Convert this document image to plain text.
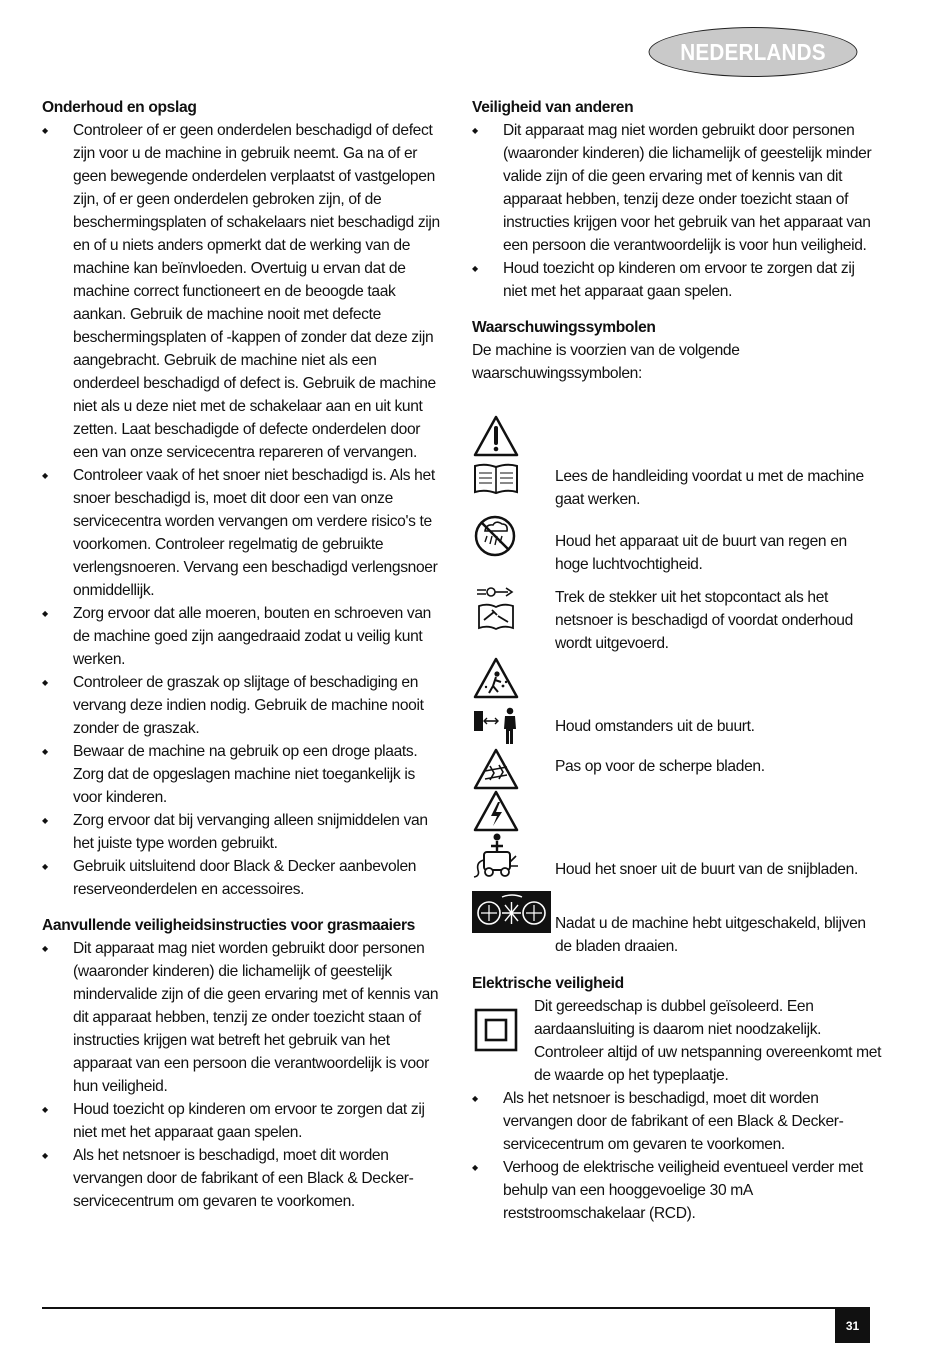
NEDERLANDS
Onderhoud en opslag
◆ Controleer of er geen onderdelen beschadigd of defect zijn voor u de machine in gebruik neemt. Ga na of er geen bewegende onderdelen verplaatst of vastgelopen zijn, of er geen onderdelen gebroken zijn, of de beschermingsplaten of schakelaars niet beschadigd zijn en of u niets anders opmerkt dat de werking van de machine kan beïnvloeden. Overtuig u ervan dat de machine correct functioneert en de beoogde taak aankan. Gebruik de machine nooit met defecte beschermingsplaten of -kappen of zonder dat deze zijn aangebracht. Gebruik de machine niet als een onderdeel beschadigd of defect is. Gebruik de machine niet als u deze niet met de schakelaar aan en uit kunt zetten. Laat beschadigde of defecte onderdelen door een van onze servicecentra repareren of vervangen.
◆ Controleer vaak of het snoer niet beschadigd is. Als het snoer beschadigd is, moet dit door een van onze servicecentra worden vervangen om verdere risico's te voorkomen. Controleer regelmatig de gebruikte verlengsnoeren. Vervang een beschadigd verlengsnoer onmiddellijk.
◆ Zorg ervoor dat alle moeren, bouten en schroeven van de machine goed zijn aangedraaid zodat u veilig kunt werken.
◆ Controleer de graszak op slijtage of beschadiging en vervang deze indien nodig. Gebruik de machine nooit zonder de graszak.
◆ Bewaar de machine na gebruik op een droge plaats. Zorg dat de opgeslagen machine niet toegankelijk is voor kinderen.
◆ Zorg ervoor dat bij vervanging alleen snijmiddelen van het juiste type worden gebruikt.
◆ Gebruik uitsluitend door Black & Decker aanbevolen reserveonderdelen en accessoires.
Aanvullende veiligheidsinstructies voor grasmaaiers
◆ Dit apparaat mag niet worden gebruikt door personen (waaronder kinderen) die lichamelijk of geestelijk mindervalide zijn of die geen ervaring met of kennis van dit apparaat hebben, tenzij ze onder toezicht staan of instructies krijgen wat betreft het gebruik van het apparaat van een persoon die verantwoordelijk is voor hun veiligheid.
◆ Houd toezicht op kinderen om ervoor te zorgen dat zij niet met het apparaat gaan spelen.
◆ Als het netsnoer is beschadigd, moet dit worden vervangen door de fabrikant of een Black & Decker-servicecentrum om gevaren te voorkomen.
Veiligheid van anderen
◆ Dit apparaat mag niet worden gebruikt door personen (waaronder kinderen) die lichamelijk of geestelijk minder valide zijn of die geen ervaring met of kennis van dit apparaat hebben, tenzij deze onder toezicht staan of instructies krijgen voor het gebruik van het apparaat van een persoon die verantwoordelijk is voor hun veiligheid.
◆ Houd toezicht op kinderen om ervoor te zorgen dat zij niet met het apparaat gaan spelen.
Waarschuwingssymbolen

De machine is voorzien van de volgende waarschuwingssymbolen:

Lees de handleiding voordat u met de machine gaat werken.
Houd het apparaat uit de buurt van regen en hoge luchtvochtigheid.
Trek de stekker uit het stopcontact als het netsnoer is beschadigd of voordat onderhoud wordt uitgevoerd.
Houd omstanders uit de buurt.
Pas op voor de scherpe bladen.
Houd het snoer uit de buurt van de snijbladen.
Nadat u de machine hebt uitgeschakeld, blijven de bladen draaien.
Elektrische veiligheid

Dit gereedschap is dubbel geïsoleerd. Een aardaansluiting is daarom niet noodzakelijk. Controleer altijd of uw netspanning overeenkomt met de waarde op het typeplaatje.

◆ Als het netsnoer is beschadigd, moet dit worden vervangen door de fabrikant of een Black & Decker-servicecentrum om gevaren te voorkomen.
◆ Verhoog de elektrische veiligheid eventueel verder met behulp van een hooggevoelige 30 mA reststroomschakelaar (RCD).
31
